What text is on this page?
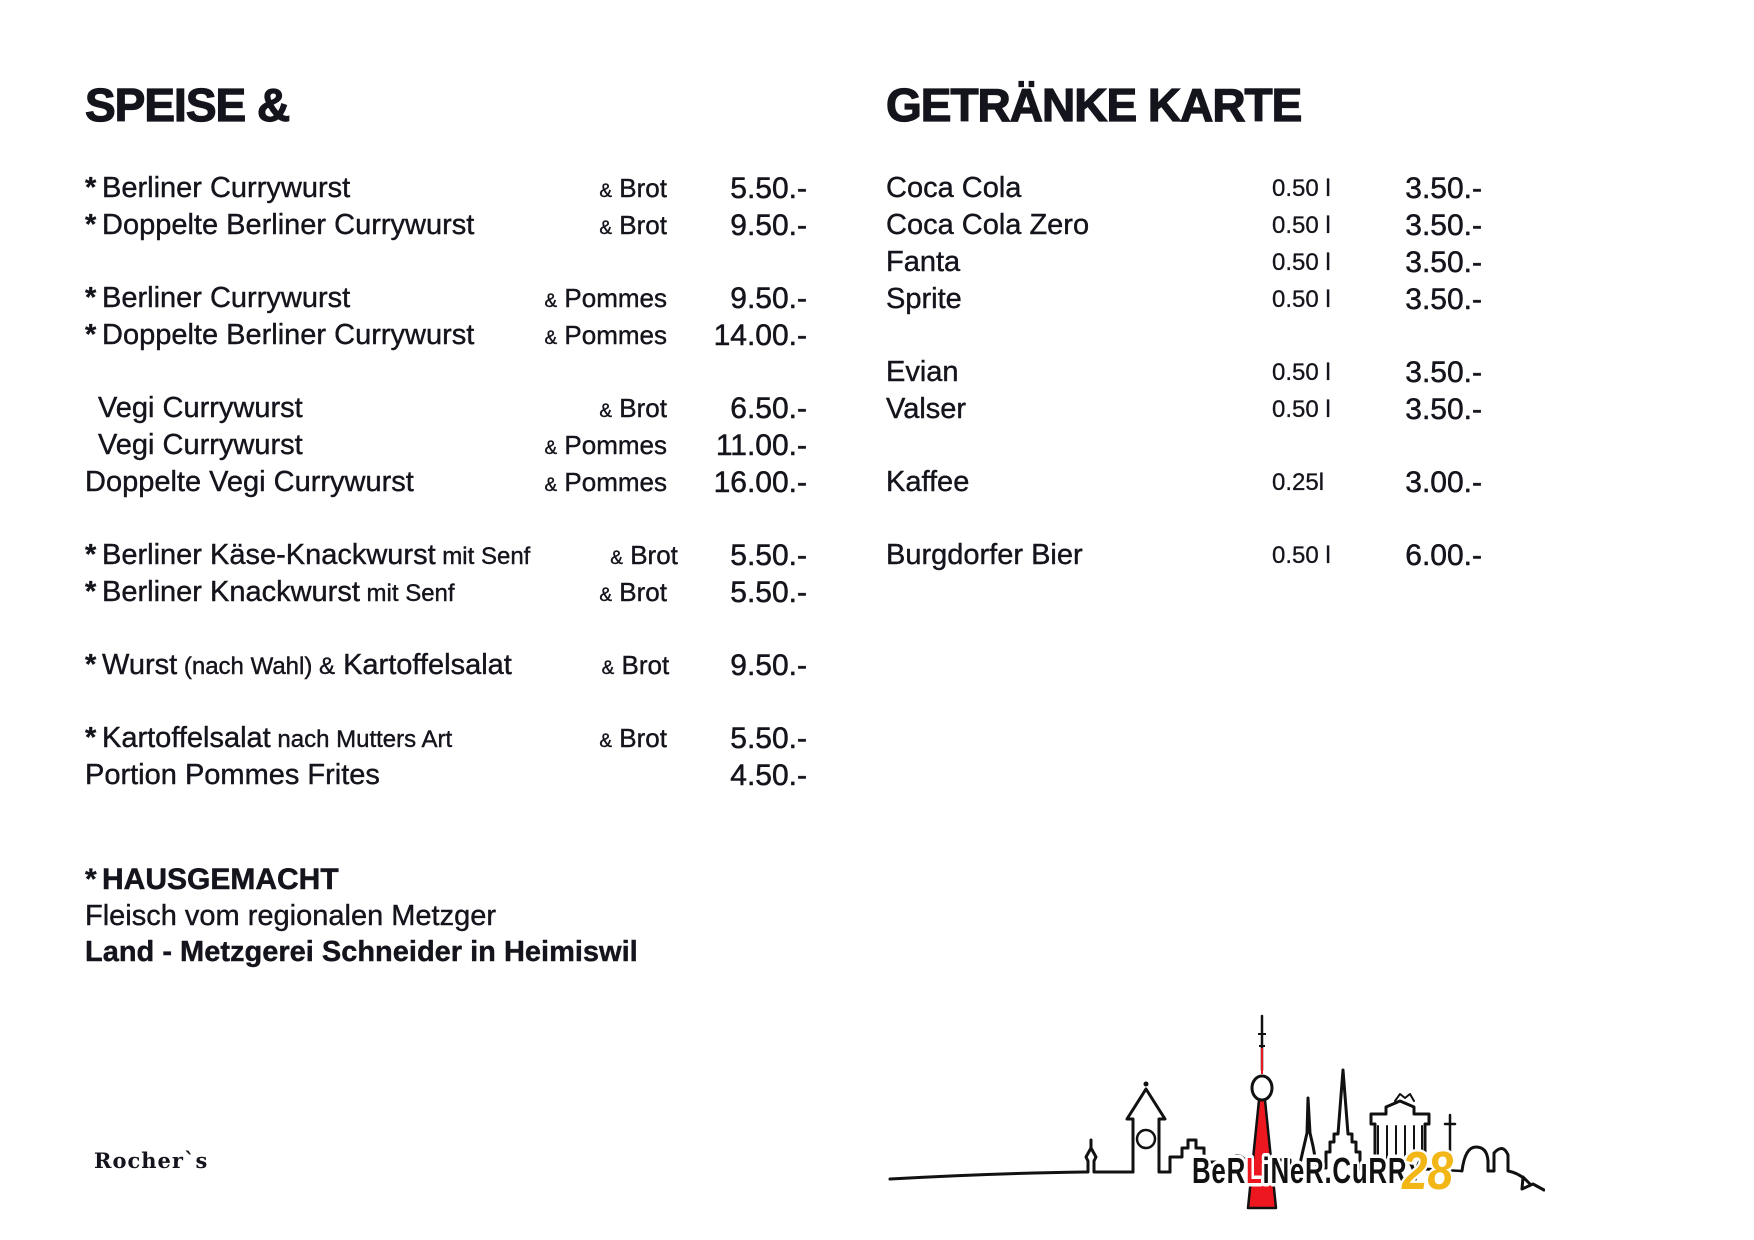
SPEISE &	GETRÄNKE KARTE
* Berliner Currywurst	& Brot	5.50.-
* Doppelte Berliner Currywurst	& Brot	9.50.-
* Berliner Currywurst	& Pommes	9.50.-
* Doppelte Berliner Currywurst	& Pommes	14.00.-
Vegi Currywurst	& Brot	6.50.-
Vegi Currywurst	& Pommes	11.00.-
Doppelte Vegi Currywurst	& Pommes	16.00.-
* Berliner Käse-Knackwurst mit Senf	& Brot	5.50.-
* Berliner Knackwurst mit Senf	& Brot	5.50.-
* Wurst (nach Wahl) & Kartoffelsalat	& Brot	9.50.-
* Kartoffelsalat nach Mutters Art	& Brot	5.50.-
Portion Pommes Frites	4.50.-
Coca Cola	0.50 l	3.50.-
Coca Cola Zero	0.50 l	3.50.-
Fanta	0.50 l	3.50.-
Sprite	0.50 l	3.50.-
Evian	0.50 l	3.50.-
Valser	0.50 l	3.50.-
Kaffee	0.25l	3.00.-
Burgdorfer Bier	0.50 l	6.00.-
* HAUSGEMACHT
Fleisch vom regionalen Metzger
Land - Metzgerei Schneider in Heimiswil
Rocher`s	BeRLiNeR.CuRRY
28
